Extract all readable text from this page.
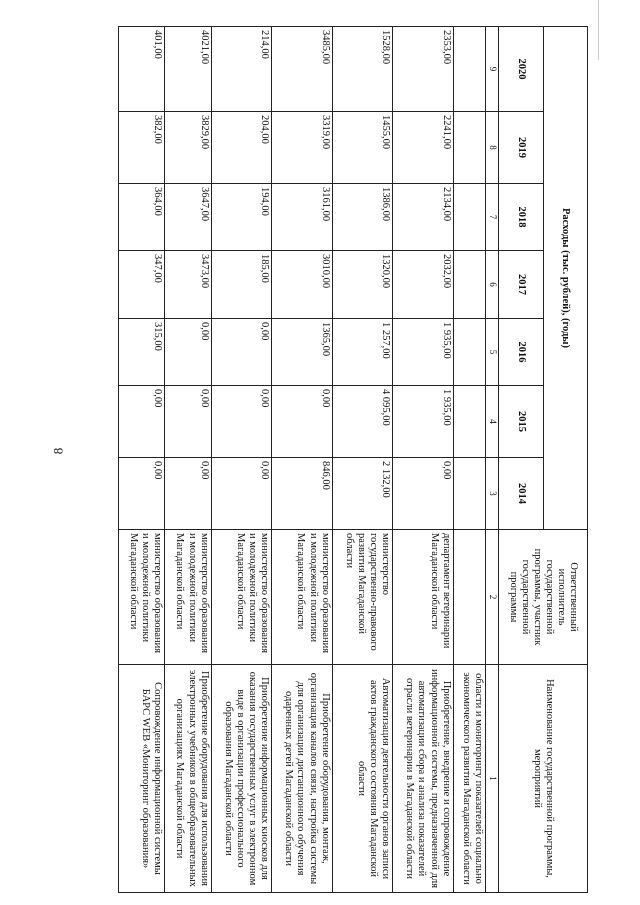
8
Расходы (тыс. рублей), (годы)							Ответственный исполнитель государственной программы, участник государственной программы	Наименование государственной программы, мероприятий
2020	2019	2018	2017	2016	2015	2014		
9	8	7	6	5	4	3	2	1
								области и мониторингу показателей социально экономического развития Магаданской области
2353,00	2241,00	2134,00	2032,00	1 935,00	1 935,00	0,00	департамент ветеринарии Магаданской области	Приобретение, внедрение и сопровождение информационной системы, предназначенной для автоматизации сбора и анализа показателей отрасли ветеринарии в Магаданской области
1528,00	1455,00	1386,00	1320,00	1 257,00	4 095,00	2 132,00	министерство государственно-правового развития Магаданской области	Автоматизация деятельности органов записи актов гражданского состояния Магаданской области
3485,00	3319,00	3161,00	3010,00	1365,00	0,00	846,00	министерство образования и молодежной политики Магаданской области	Приобретение оборудования, монтаж, организация каналов связи, настройка системы для организации дистанционного обучения одаренных детей Магаданской области
214,00	204,00	194,00	185,00	0,00	0,00	0,00	министерство образования и молодежной политики Магаданской области	Приобретение информационных киосков для оказания государственных услуг в электронном виде в организации профессионального образования Магаданской области
4021,00	3829,00	3647,00	3473,00	0,00	0,00	0,00	министерство образования и молодежной политики Магаданской области	Приобретение оборудования для использования электронных учебников в общеобразовательных организациях Магаданской области
401,00	382,00	364,00	347,00	315,00	0,00	0,00	министерство образования и молодежной политики Магаданской области	Сопровождение информационной системы БАРС WEB «Мониторинг образования»
